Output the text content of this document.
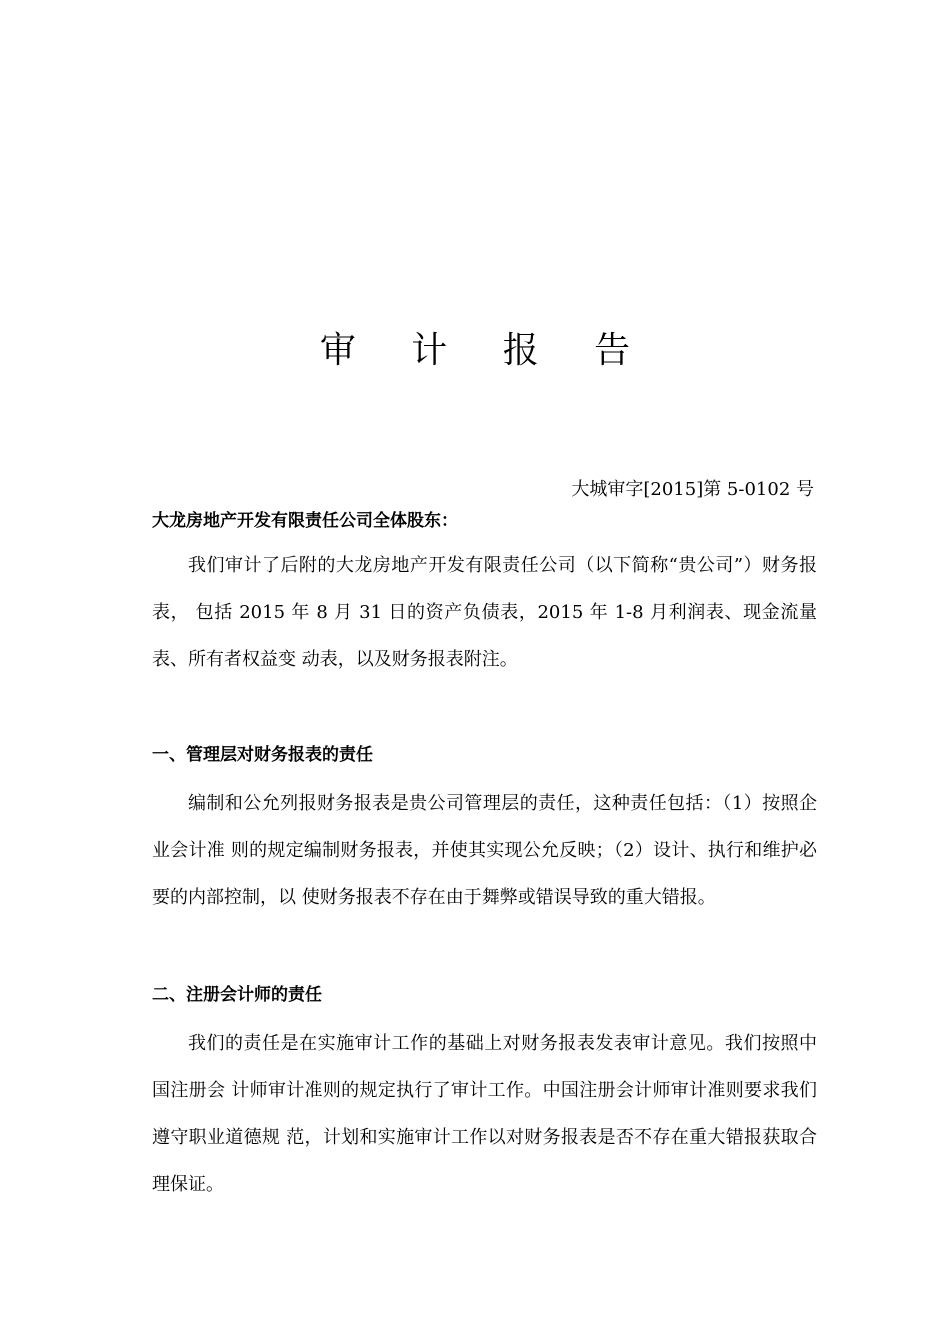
审 计 报 告
大城审字[2015]第 5-0102 号
大龙房地产开发有限责任公司全体股东：

我们审计了后附的大龙房地产开发有限责任公司（以下简称“贵公司”）财务报表， 包括 2015 年 8 月 31 日的资产负债表，2015 年 1-8 月利润表、现金流量表、所有者权益变 动表，以及财务报表附注。

一、管理层对财务报表的责任

编制和公允列报财务报表是贵公司管理层的责任，这种责任包括：（1）按照企业会计准 则的规定编制财务报表，并使其实现公允反映；（2）设计、执行和维护必要的内部控制，以 使财务报表不存在由于舞弊或错误导致的重大错报。

二、注册会计师的责任

我们的责任是在实施审计工作的基础上对财务报表发表审计意见。我们按照中国注册会 计师审计准则的规定执行了审计工作。中国注册会计师审计准则要求我们遵守职业道德规 范，计划和实施审计工作以对财务报表是否不存在重大错报获取合理保证。
